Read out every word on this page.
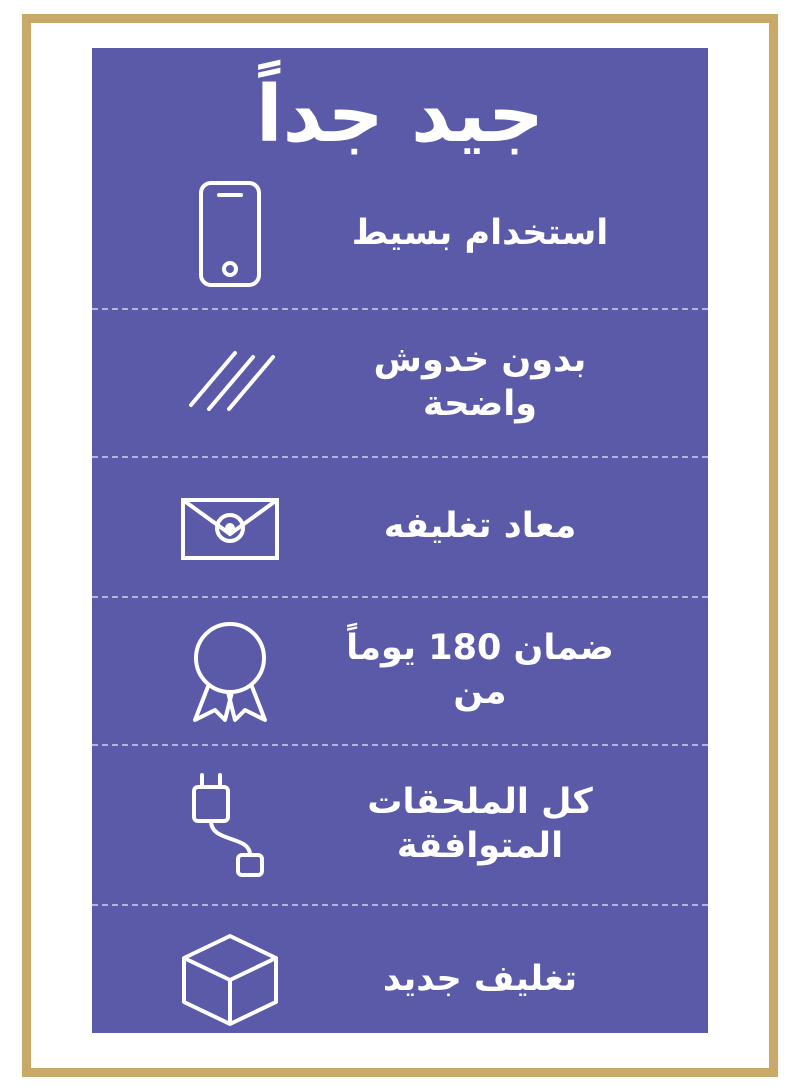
جيد جداً
استخدام بسيط
بدون خدوش واضحة
معاد تغليفه
ضمان 180 يوماً من
كل الملحقات المتوافقة
تغليف جديد
